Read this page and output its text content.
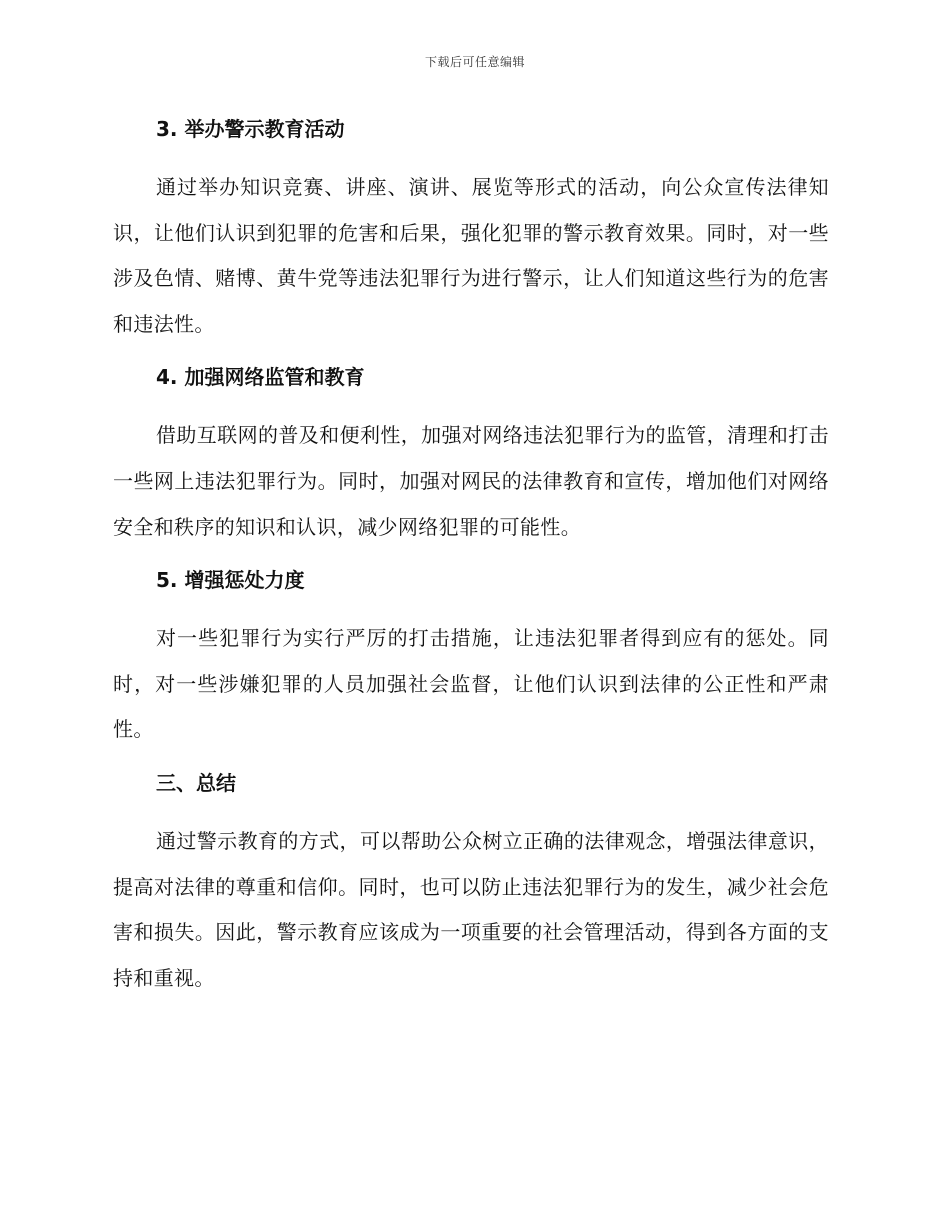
下载后可任意编辑
3. 举办警示教育活动

通过举办知识竞赛、讲座、演讲、展览等形式的活动，向公众宣传法律知识，让他们认识到犯罪的危害和后果，强化犯罪的警示教育效果。同时，对一些涉及色情、赌博、黄牛党等违法犯罪行为进行警示，让人们知道这些行为的危害和违法性。

4. 加强网络监管和教育

借助互联网的普及和便利性，加强对网络违法犯罪行为的监管，清理和打击一些网上违法犯罪行为。同时，加强对网民的法律教育和宣传，增加他们对网络安全和秩序的知识和认识，减少网络犯罪的可能性。

5. 增强惩处力度

对一些犯罪行为实行严厉的打击措施，让违法犯罪者得到应有的惩处。同时，对一些涉嫌犯罪的人员加强社会监督，让他们认识到法律的公正性和严肃性。

三、总结

通过警示教育的方式，可以帮助公众树立正确的法律观念，增强法律意识，提高对法律的尊重和信仰。同时，也可以防止违法犯罪行为的发生，减少社会危害和损失。因此，警示教育应该成为一项重要的社会管理活动，得到各方面的支持和重视。
